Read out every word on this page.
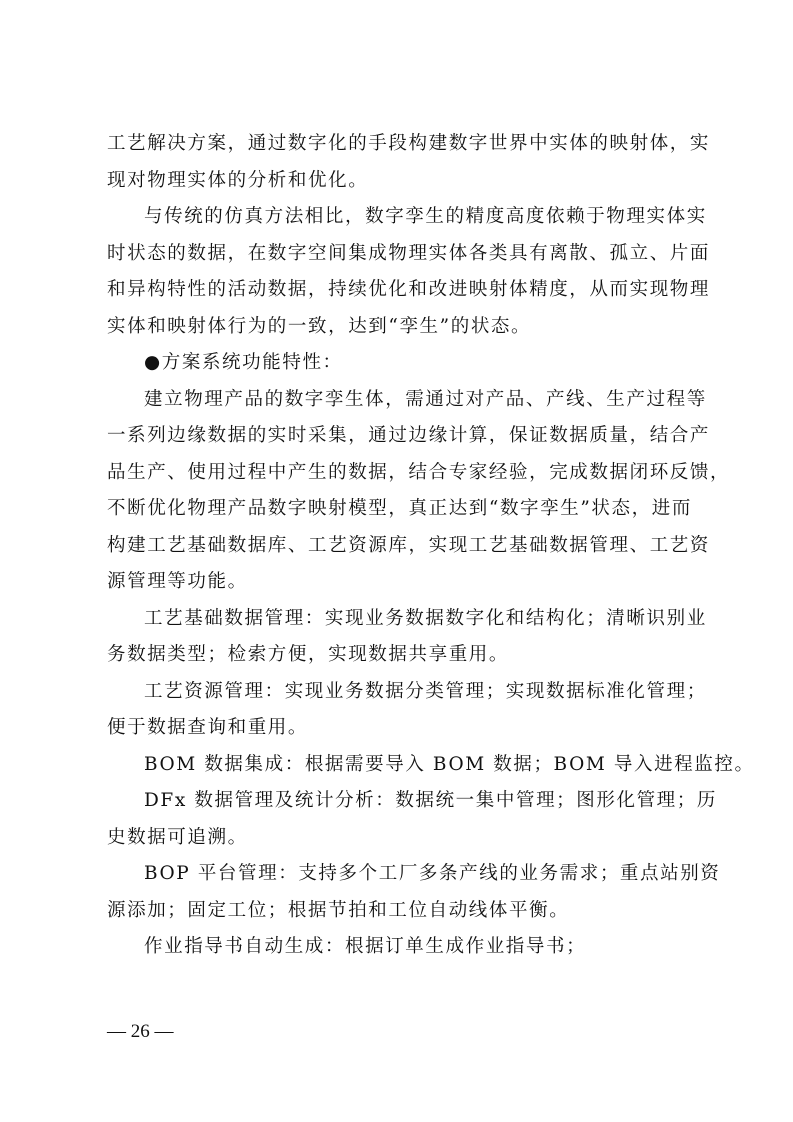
工艺解决方案，通过数字化的手段构建数字世界中实体的映射体，实
现对物理实体的分析和优化。
与传统的仿真方法相比，数字孪生的精度高度依赖于物理实体实
时状态的数据，在数字空间集成物理实体各类具有离散、孤立、片面
和异构特性的活动数据，持续优化和改进映射体精度，从而实现物理
实体和映射体行为的一致，达到“孪生”的状态。
●方案系统功能特性：
建立物理产品的数字孪生体，需通过对产品、产线、生产过程等
一系列边缘数据的实时采集，通过边缘计算，保证数据质量，结合产
品生产、使用过程中产生的数据，结合专家经验，完成数据闭环反馈，
不断优化物理产品数字映射模型，真正达到“数字孪生”状态，进而
构建工艺基础数据库、工艺资源库，实现工艺基础数据管理、工艺资
源管理等功能。
工艺基础数据管理：实现业务数据数字化和结构化；清晰识别业
务数据类型；检索方便，实现数据共享重用。
工艺资源管理：实现业务数据分类管理；实现数据标准化管理；
便于数据查询和重用。
BOM 数据集成：根据需要导入 BOM 数据；BOM 导入进程监控。
DFx 数据管理及统计分析：数据统一集中管理；图形化管理；历
史数据可追溯。
BOP 平台管理：支持多个工厂多条产线的业务需求；重点站别资
源添加；固定工位；根据节拍和工位自动线体平衡。
作业指导书自动生成：根据订单生成作业指导书；
— 26 —
